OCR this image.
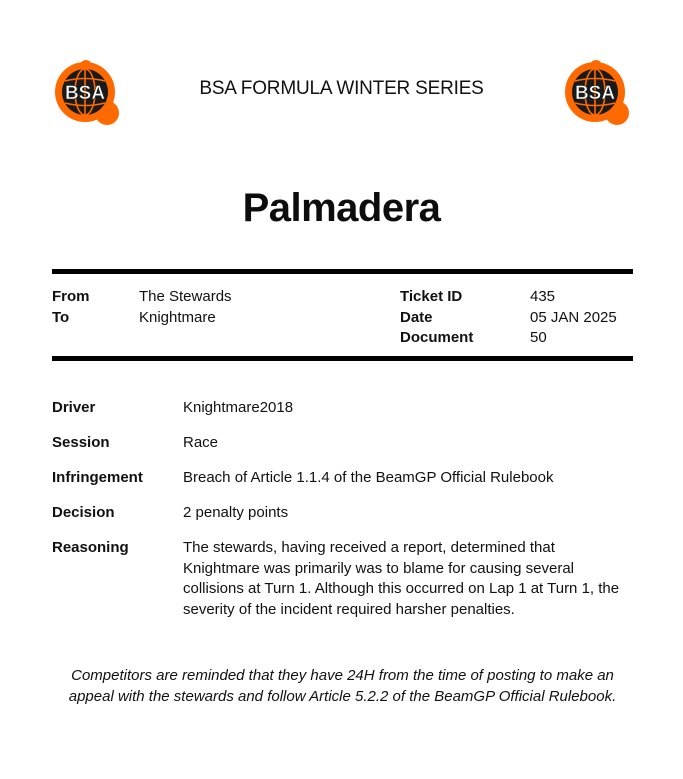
BSA	BSA FORMULA WINTER SERIES	BSA
Palmadera
From	The Stewards
To	Knightmare
Ticket ID	435
Date	05 JAN 2025
Document	50
Driver	Knightmare2018
Session	Race
Infringement	Breach of Article 1.1.4 of the BeamGP Official Rulebook
Decision	2 penalty points
Reasoning	The stewards, having received a report, determined that Knightmare was primarily was to blame for causing several collisions at Turn 1. Although this occurred on Lap 1 at Turn 1, the severity of the incident required harsher penalties.
Competitors are reminded that they have 24H from the time of posting to make an appeal with the stewards and follow Article 5.2.2 of the BeamGP Official Rulebook.
